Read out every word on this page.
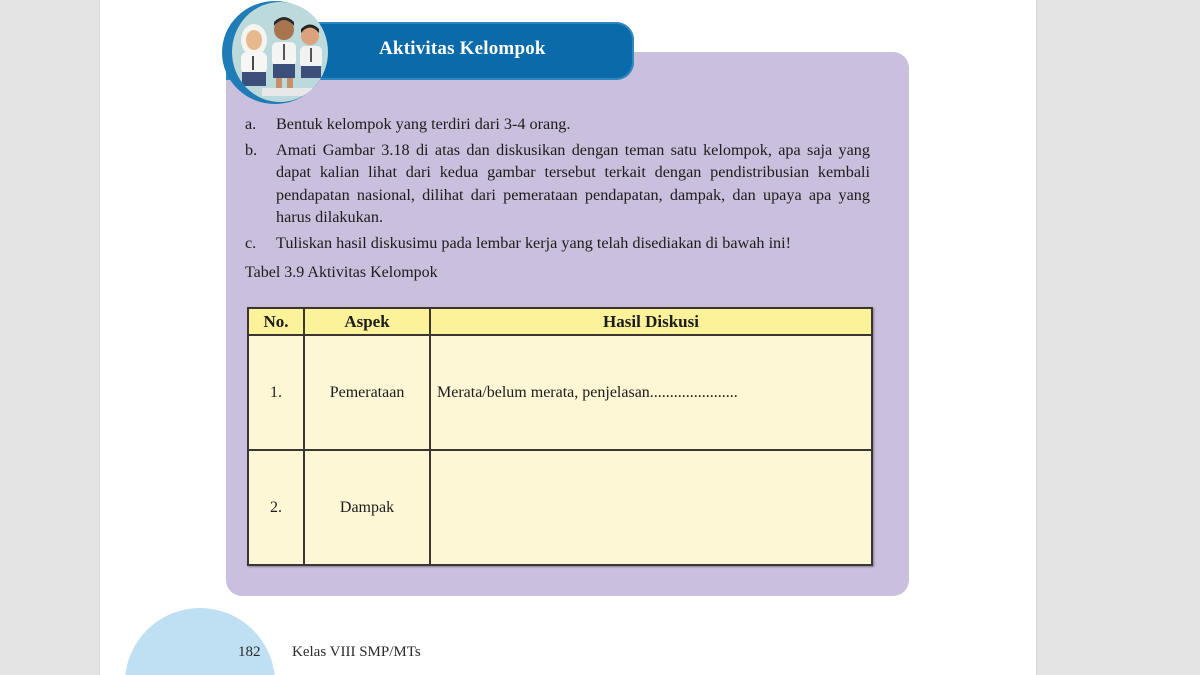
Aktivitas Kelompok
a.	Bentuk kelompok yang terdiri dari 3-4 orang.
b.	Amati Gambar 3.18 di atas dan diskusikan dengan teman satu kelompok, apa saja yang dapat kalian lihat dari kedua gambar tersebut terkait dengan pendistribusian kembali pendapatan nasional, dilihat dari pemerataan pendapatan, dampak, dan upaya apa yang harus dilakukan.
c.	Tuliskan hasil diskusimu pada lembar kerja yang telah disediakan di bawah ini!
Tabel 3.9 Aktivitas Kelompok
No.	Aspek	Hasil Diskusi
1.	Pemerataan	Merata/belum merata, penjelasan......................
2.	Dampak	
182 Kelas VIII SMP/MTs
